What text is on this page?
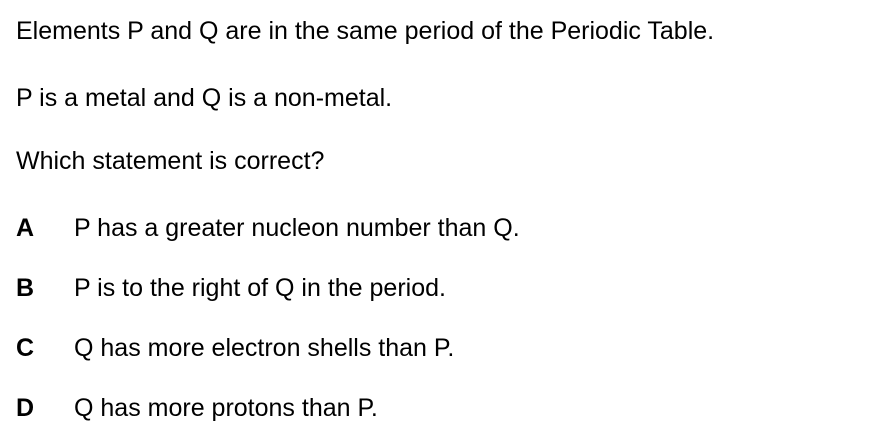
Elements P and Q are in the same period of the Periodic Table.
P is a metal and Q is a non-metal.
Which statement is correct?
A	P has a greater nucleon number than Q.
B	P is to the right of Q in the period.
C	Q has more electron shells than P.
D	Q has more protons than P.
